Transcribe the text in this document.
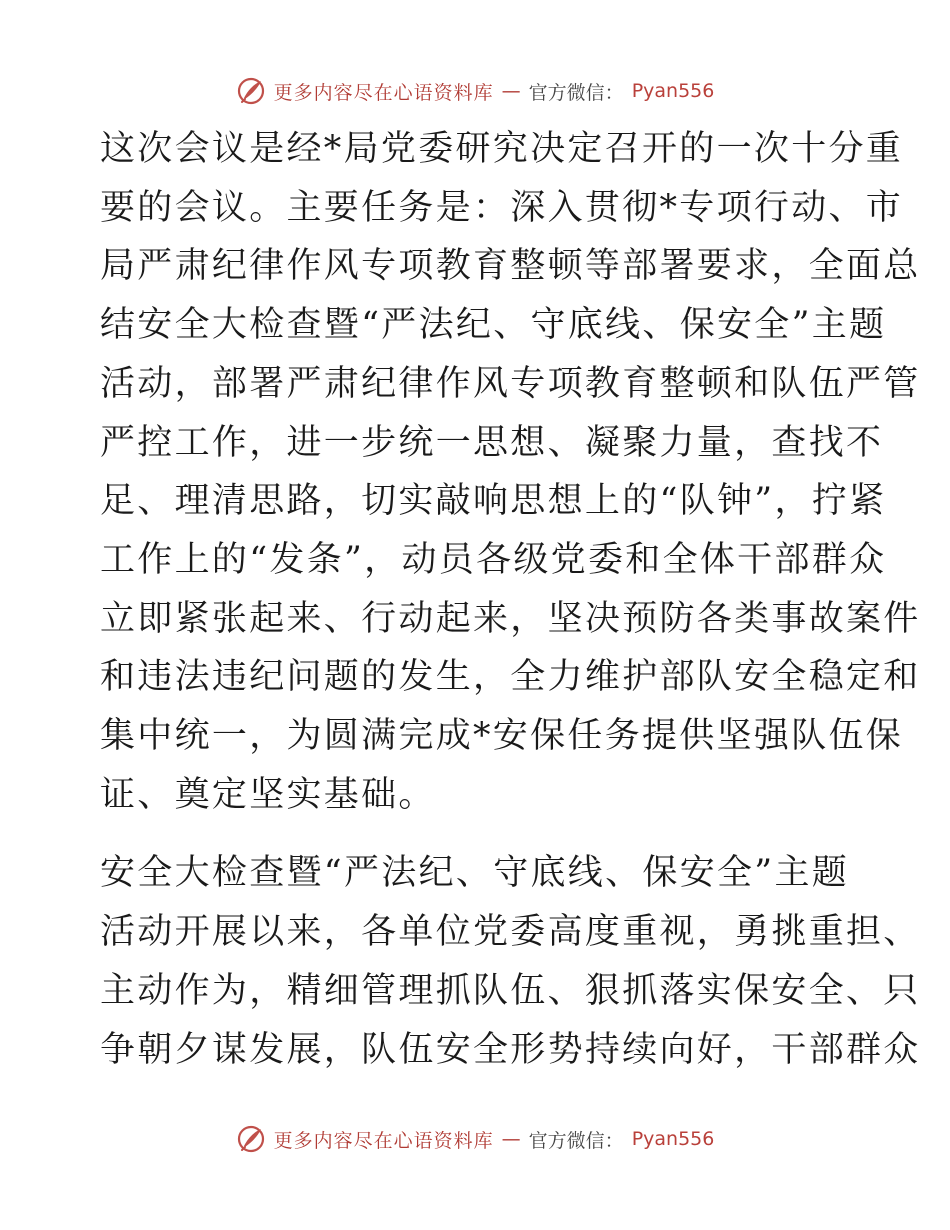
更多内容尽在心语资料库 — 官方微信： Pyan556

这次会议是经*局党委研究决定召开的一次十分重
要的会议。主要任务是：深入贯彻*专项行动、市
局严肃纪律作风专项教育整顿等部署要求，全面总
结安全大检查暨“严法纪、守底线、保安全”主题
活动，部署严肃纪律作风专项教育整顿和队伍严管
严控工作，进一步统一思想、凝聚力量，查找不
足、理清思路，切实敲响思想上的“队钟”，拧紧
工作上的“发条”，动员各级党委和全体干部群众
立即紧张起来、行动起来，坚决预防各类事故案件
和违法违纪问题的发生，全力维护部队安全稳定和
集中统一，为圆满完成*安保任务提供坚强队伍保
证、奠定坚实基础。

安全大检查暨“严法纪、守底线、保安全”主题
活动开展以来，各单位党委高度重视，勇挑重担、
主动作为，精细管理抓队伍、狠抓落实保安全、只
争朝夕谋发展，队伍安全形势持续向好，干部群众

更多内容尽在心语资料库 — 官方微信： Pyan556
